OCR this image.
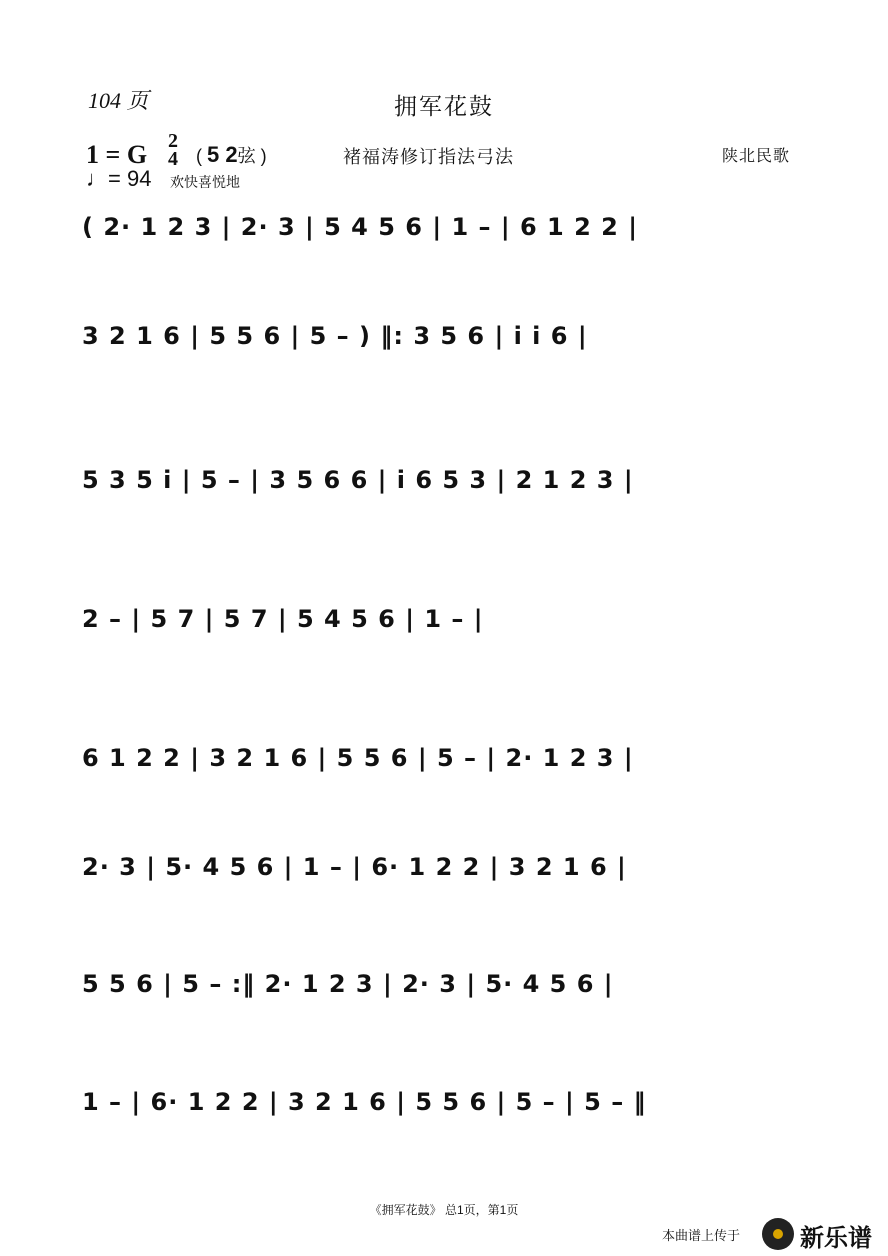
104 页	拥军花鼓
1 = G 2
4 ( 5 2弦 )
♩= 94 欢快喜悦地
褚福涛修订指法弓法	陕北民歌
( 2· 1 2 3 | 2· 3 | 5 4 5 6 | 1 – | 6 1 2 2 |
3 2 1 6 | 5 5 6 | 5 – ) ‖: 3 5 6 | i i 6 |
5 3 5 i | 5 – | 3 5 6 6 | i 6 5 3 | 2 1 2 3 |
2 – | 5 7 | 5 7 | 5 4 5 6 | 1 – |
6 1 2 2 | 3 2 1 6 | 5 5 6 | 5 – | 2· 1 2 3 |
2· 3 | 5· 4 5 6 | 1 – | 6· 1 2 2 | 3 2 1 6 |
5 5 6 | 5 – :‖ 2· 1 2 3 | 2· 3 | 5· 4 5 6 |
1 – | 6· 1 2 2 | 3 2 1 6 | 5 5 6 | 5 – | 5 – ‖
《拥军花鼓》 总1页，第1页
本曲谱上传于 新乐谱
